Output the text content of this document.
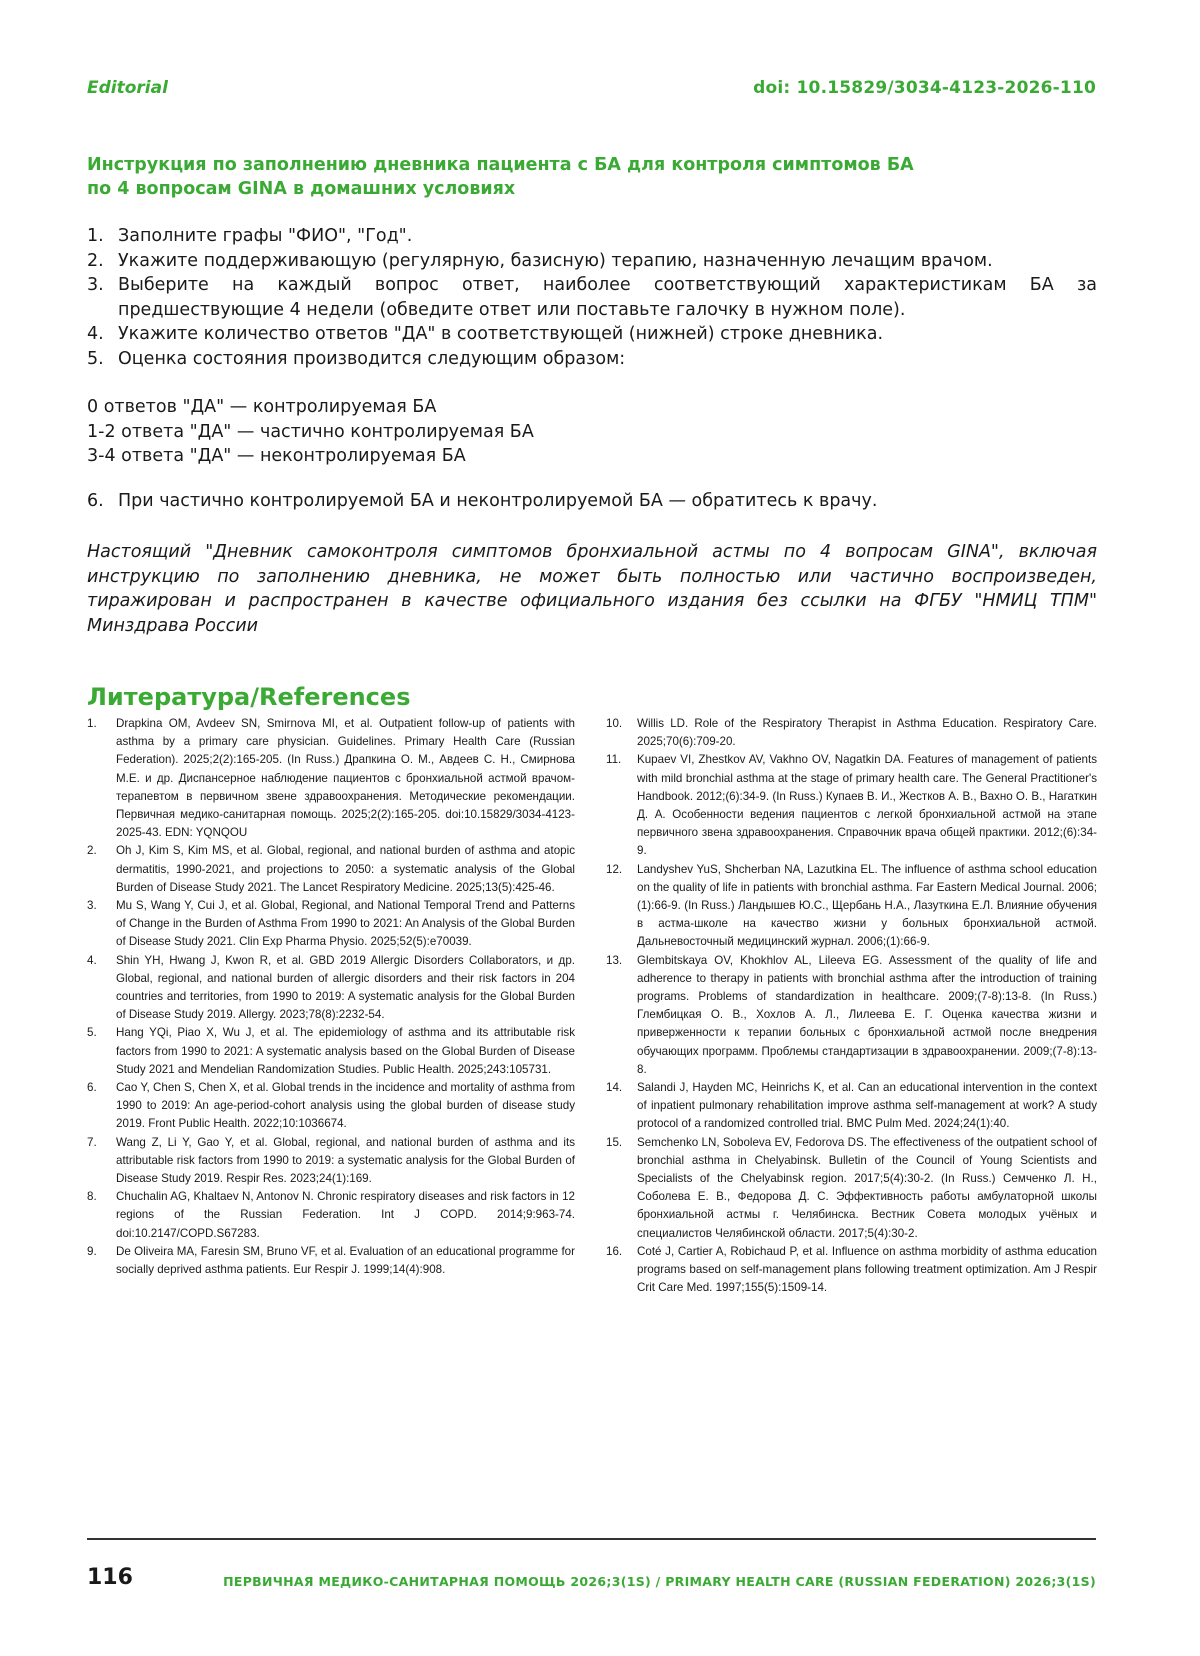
Editorial	doi: 10.15829/3034-4123-2026-110
Инструкция по заполнению дневника пациента с БА для контроля симптомов БА
по 4 вопросам GINA в домашних условиях
1. Заполните графы "ФИО", "Год".
2. Укажите поддерживающую (регулярную, базисную) терапию, назначенную лечащим врачом.
3. Выберите на каждый вопрос ответ, наиболее соответствующий характеристикам БА за предшествующие 4 недели (обведите ответ или поставьте галочку в нужном поле).
4. Укажите количество ответов "ДА" в соответствующей (нижней) строке дневника.
5. Оценка состояния производится следующим образом:
0 ответов "ДА" — контролируемая БА
1-2 ответа "ДА" — частично контролируемая БА
3-4 ответа "ДА" — неконтролируемая БА
6. При частично контролируемой БА и неконтролируемой БА — обратитесь к врачу.

Настоящий "Дневник самоконтроля симптомов бронхиальной астмы по 4 вопросам GINA", включая инструкцию по заполнению дневника, не может быть полностью или частично воспроизведен, тиражирован и распространен в качестве официального издания без ссылки на ФГБУ "НМИЦ ТПМ" Минздрава России

Литература/References
1.	Drapkina OM, Avdeev SN, Smirnova MI, et al. Outpatient follow-up of patients with asthma by a primary care physician. Guidelines. Primary Health Care (Russian Federation). 2025;2(2):165-205. (In Russ.) Драпкина О. М., Авдеев С. Н., Смирнова М.Е. и др. Диспансерное наблюдение пациентов с бронхиальной астмой врачом- терапевтом в первичном звене здравоохранения. Методические рекомендации. Первичная медико-санитарная помощь. 2025;2(2):165-205. doi:10.15829/3034-4123-2025-43. EDN: YQNQOU
2.	Oh J, Kim S, Kim MS, et al. Global, regional, and national burden of asthma and atopic dermatitis, 1990-2021, and projections to 2050: a systematic analysis of the Global Burden of Disease Study 2021. The Lancet Respiratory Medicine. 2025;13(5):425-46.
3.	Mu S, Wang Y, Cui J, et al. Global, Regional, and National Temporal Trend and Patterns of Change in the Burden of Asthma From 1990 to 2021: An Analysis of the Global Burden of Disease Study 2021. Clin Exp Pharma Physio. 2025;52(5):e70039.
4.	Shin YH, Hwang J, Kwon R, et al. GBD 2019 Allergic Disorders Collaborators, и др. Global, regional, and national burden of allergic disorders and their risk factors in 204 countries and territories, from 1990 to 2019: A systematic analysis for the Global Burden of Disease Study 2019. Allergy. 2023;78(8):2232-54.
5.	Hang YQi, Piao X, Wu J, et al. The epidemiology of asthma and its attributable risk factors from 1990 to 2021: A systematic analysis based on the Global Burden of Disease Study 2021 and Mendelian Randomization Studies. Public Health. 2025;243:105731.
6.	Cao Y, Chen S, Chen X, et al. Global trends in the incidence and mortality of asthma from 1990 to 2019: An age-period-cohort analysis using the global burden of disease study 2019. Front Public Health. 2022;10:1036674.
7.	Wang Z, Li Y, Gao Y, et al. Global, regional, and national burden of asthma and its attributable risk factors from 1990 to 2019: a systematic analysis for the Global Burden of Disease Study 2019. Respir Res. 2023;24(1):169.
8.	Chuchalin AG, Khaltaev N, Antonov N. Chronic respiratory diseases and risk factors in 12 regions of the Russian Federation. Int J COPD. 2014;9:963-74. doi:10.2147/COPD.S67283.
9.	De Oliveira MA, Faresin SM, Bruno VF, et al. Evaluation of an educational programme for socially deprived asthma patients. Eur Respir J. 1999;14(4):908.
10.	Willis LD. Role of the Respiratory Therapist in Asthma Education. Respiratory Care. 2025;70(6):709-20.
11.	Kupaev VI, Zhestkov AV, Vakhno OV, Nagatkin DA. Features of management of patients with mild bronchial asthma at the stage of primary health care. The General Practitioner's Handbook. 2012;(6):34-9. (In Russ.) Купаев В. И., Жестков А. В., Вахно О. В., Нагаткин Д. А. Особенности ведения пациентов с легкой бронхиальной астмой на этапе первичного звена здравоохранения. Справочник врача общей практики. 2012;(6):34-9.
12.	Landyshev YuS, Shcherban NA, Lazutkina EL. The influence of asthma school education on the quality of life in patients with bronchial asthma. Far Eastern Medical Journal. 2006;(1):66-9. (In Russ.) Ландышев Ю.С., Щербань Н.А., Лазуткина Е.Л. Влияние обучения в астма-школе на качество жизни у больных бронхиальной астмой. Дальневосточный медицинский журнал. 2006;(1):66-9.
13.	Glembitskaya OV, Khokhlov AL, Lileeva EG. Assessment of the quality of life and adherence to therapy in patients with bronchial asthma after the introduction of training programs. Problems of standardization in healthcare. 2009;(7-8):13-8. (In Russ.) Глембицкая О. В., Хохлов А. Л., Лилеева Е. Г. Оценка качества жизни и приверженности к терапии больных с бронхиальной астмой после внедрения обучающих программ. Проблемы стандартизации в здравоохранении. 2009;(7-8):13-8.
14.	Salandi J, Hayden MC, Heinrichs K, et al. Can an educational intervention in the context of inpatient pulmonary rehabilitation improve asthma self-management at work? A study protocol of a randomized controlled trial. BMC Pulm Med. 2024;24(1):40.
15.	Semchenko LN, Soboleva EV, Fedorova DS. The effectiveness of the outpatient school of bronchial asthma in Chelyabinsk. Bulletin of the Council of Young Scientists and Specialists of the Chelyabinsk region. 2017;5(4):30-2. (In Russ.) Семченко Л. Н., Соболева Е. В., Федорова Д. С. Эффективность работы амбулаторной школы бронхиальной астмы г. Челябинска. Вестник Совета молодых учёных и специалистов Челябинской области. 2017;5(4):30-2.
16.	Coté J, Cartier A, Robichaud P, et al. Influence on asthma morbidity of asthma education programs based on self-management plans following treatment optimization. Am J Respir Crit Care Med. 1997;155(5):1509-14.
116	ПЕРВИЧНАЯ МЕДИКО-САНИТАРНАЯ ПОМОЩЬ 2026;3(1S) / PRIMARY HEALTH CARE (RUSSIAN FEDERATION) 2026;3(1S)
